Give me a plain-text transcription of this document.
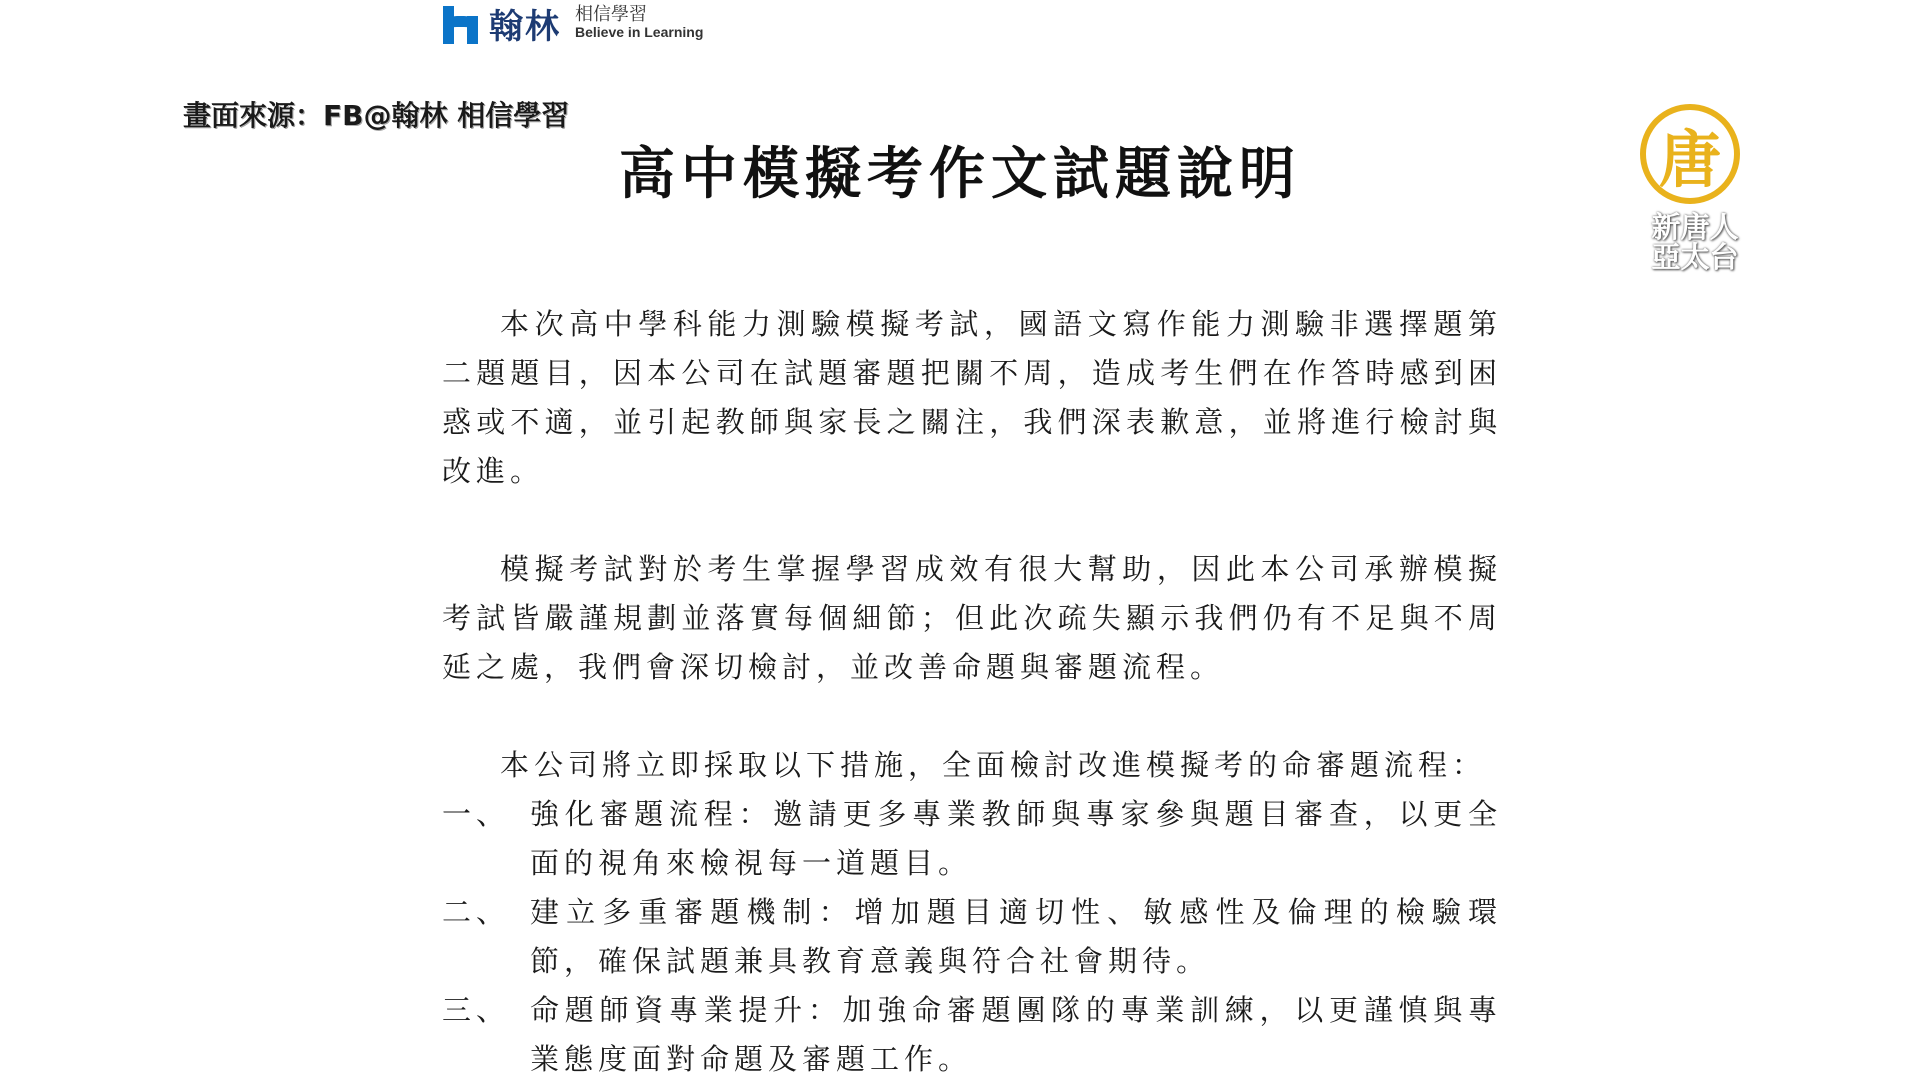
翰林 相信學習
Believe in Learning
畫面來源：FB@翰林 相信學習
高中模擬考作文試題說明	唐
新唐人
亞太台

本次高中學科能力測驗模擬考試，國語文寫作能力測驗非選擇題第二題題目，因本公司在試題審題把關不周，造成考生們在作答時感到困惑或不適，並引起教師與家長之關注，我們深表歉意，並將進行檢討與改進。

模擬考試對於考生掌握學習成效有很大幫助，因此本公司承辦模擬考試皆嚴謹規劃並落實每個細節；但此次疏失顯示我們仍有不足與不周延之處，我們會深切檢討，並改善命題與審題流程。

本公司將立即採取以下措施，全面檢討改進模擬考的命審題流程：
一、 強化審題流程：邀請更多專業教師與專家參與題目審查，以更全面的視角來檢視每一道題目。
二、 建立多重審題機制：增加題目適切性、敏感性及倫理的檢驗環節，確保試題兼具教育意義與符合社會期待。
三、 命題師資專業提升：加強命審題團隊的專業訓練，以更謹慎與專業態度面對命題及審題工作。
